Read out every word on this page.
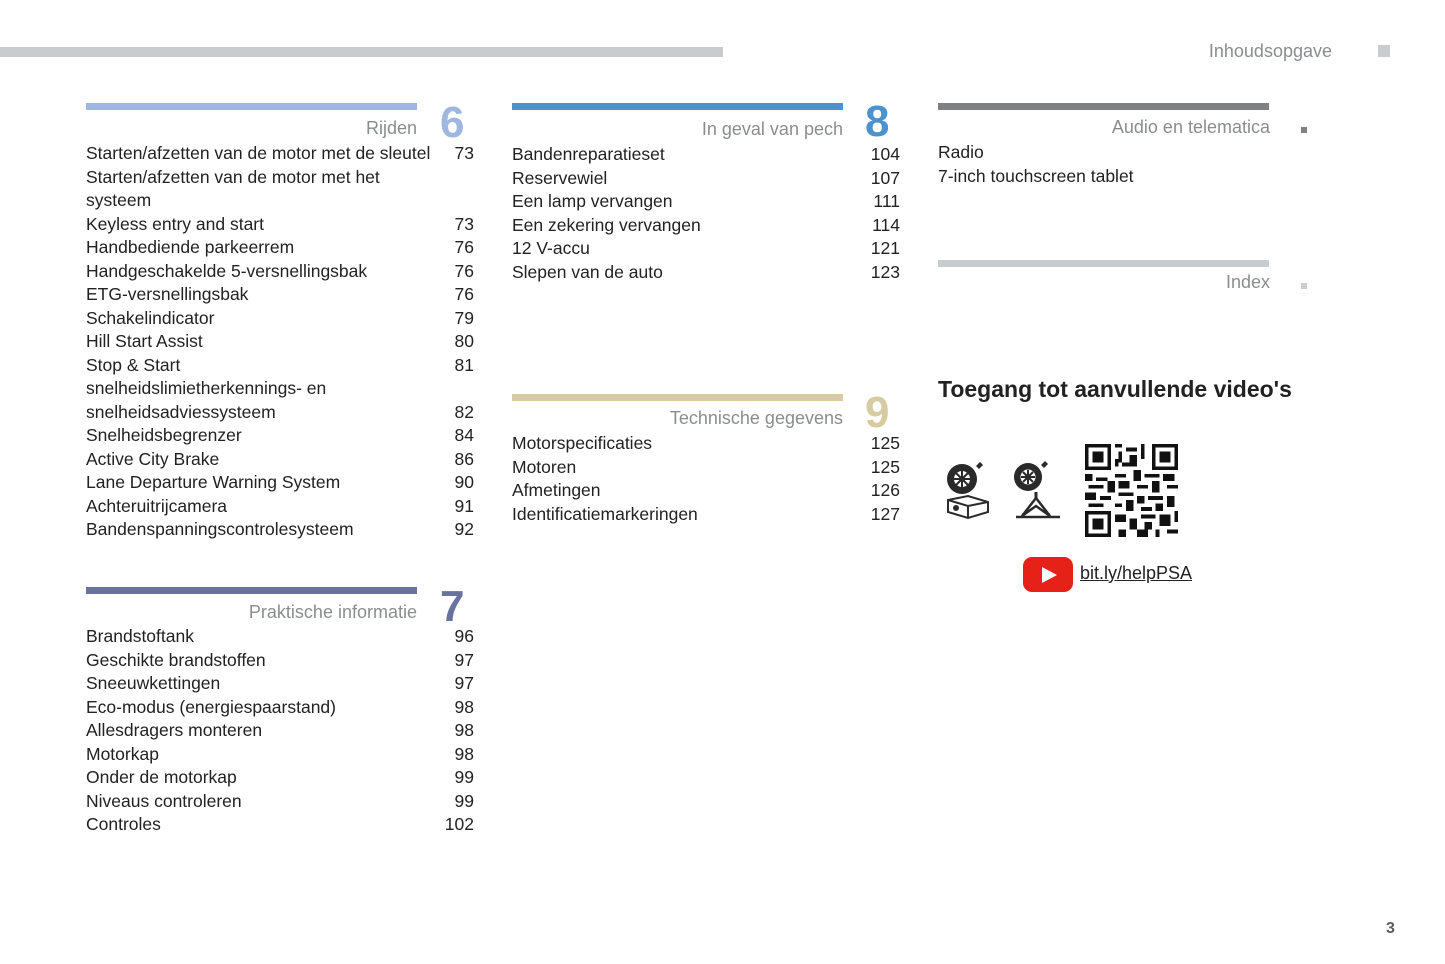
Inhoudsopgave
Rijden 6
Starten/afzetten van de motor met de sleutel	73
Starten/afzetten van de motor met het systeem
Keyless entry and start	73
Handbediende parkeerrem	76
Handgeschakelde 5-versnellingsbak	76
ETG-versnellingsbak	76
Schakelindicator	79
Hill Start Assist	80
Stop & Start	81
snelheidslimietherkennings- en
snelheidsadviessysteem	82
Snelheidsbegrenzer	84
Active City Brake	86
Lane Departure Warning System	90
Achteruitrijcamera	91
Bandenspanningscontrolesysteem	92
Praktische informatie 7
Brandstoftank	96
Geschikte brandstoffen	97
Sneeuwkettingen	97
Eco-modus (energiespaarstand)	98
Allesdragers monteren	98
Motorkap	98
Onder de motorkap	99
Niveaus controleren	99
Controles	102
In geval van pech 8
Bandenreparatieset	104
Reservewiel	107
Een lamp vervangen	111
Een zekering vervangen	114
12 V-accu	121
Slepen van de auto	123
Technische gegevens 9
Motorspecificaties	125
Motoren	125
Afmetingen	126
Identificatiemarkeringen	127
Audio en telematica
Radio
7-inch touchscreen tablet
Index
Toegang tot aanvullende video's
bit.ly/helpPSA
3
